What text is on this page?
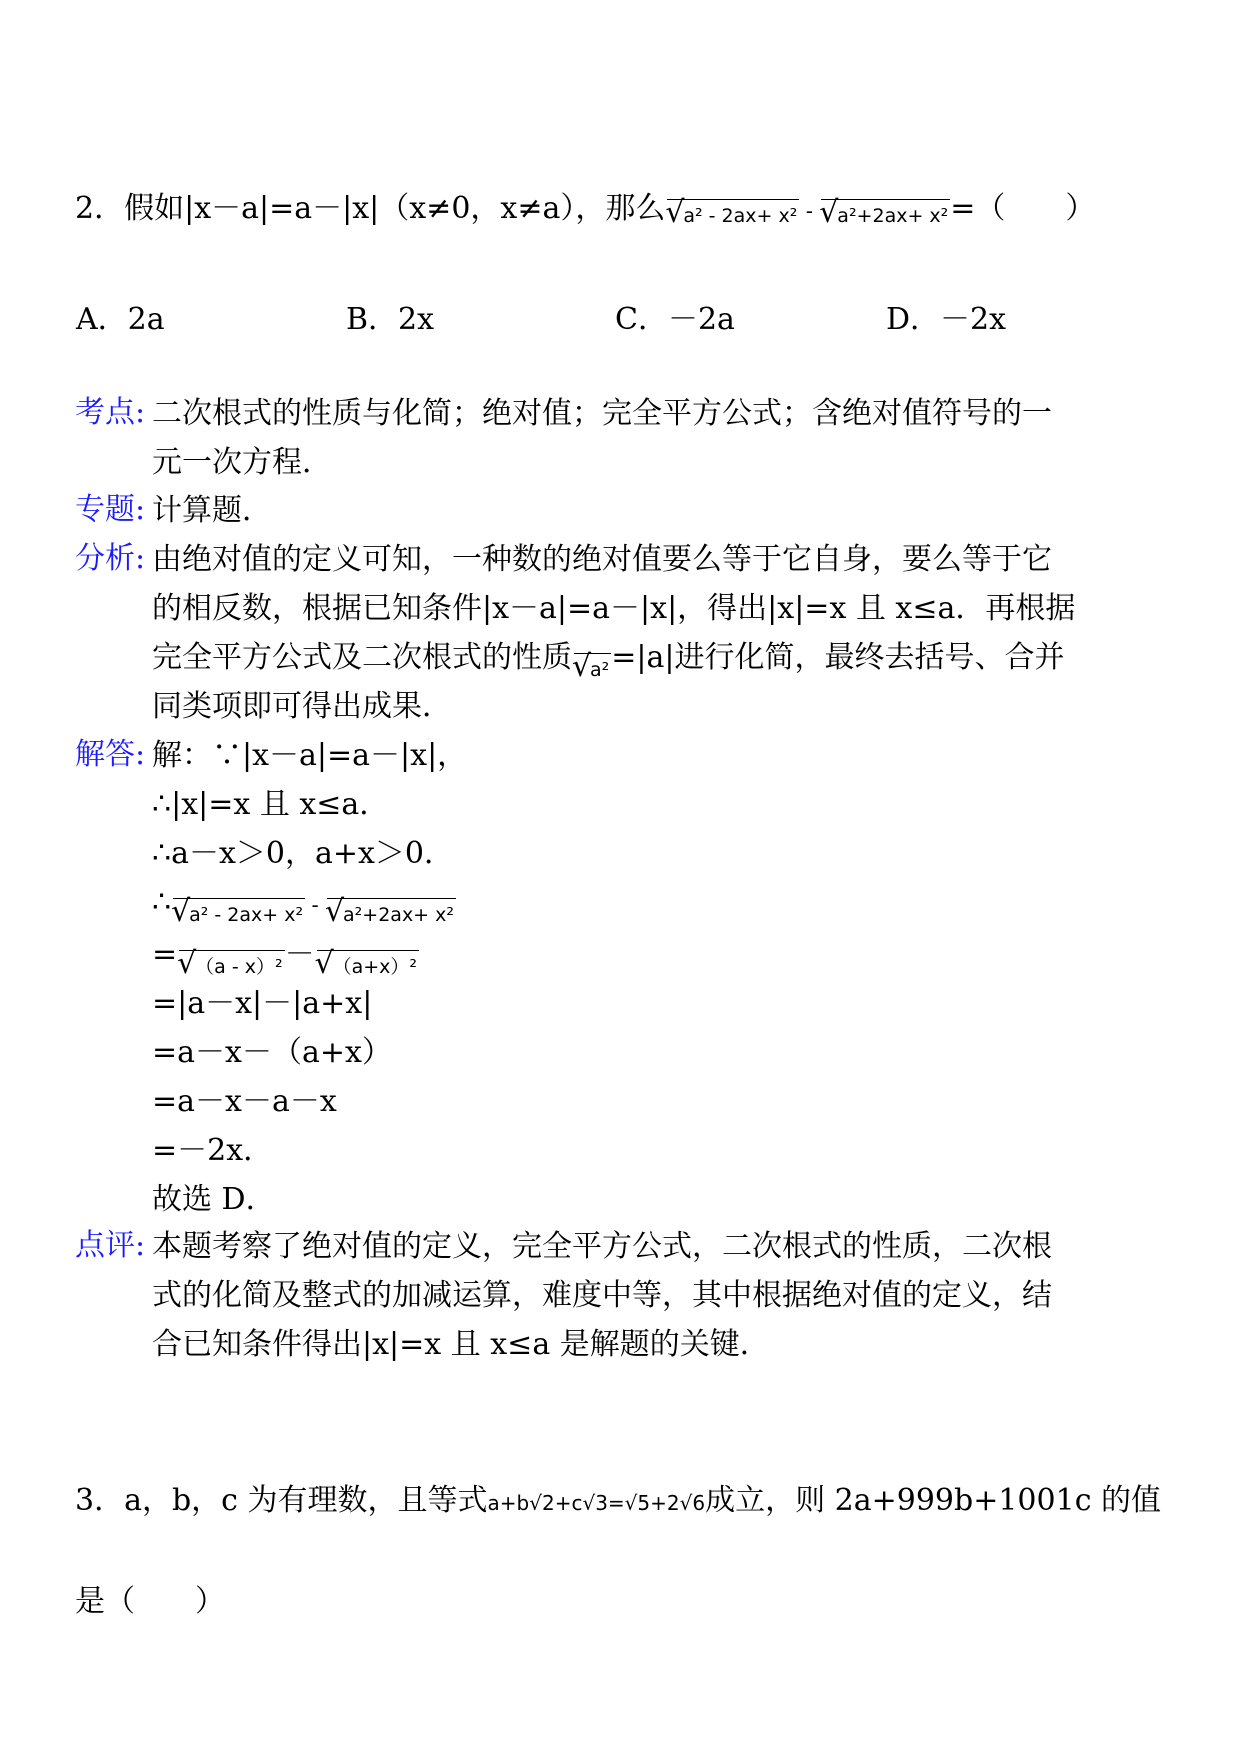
2．假如|x－a|=a－|x|（x≠0，x≠a），那么 √
a² - 2ax+ x² - √
a²+2ax+ x²=（　　）
A．2a	B．2x	C．－2a	D．－2x
考点: 二次根式的性质与化简；绝对值；完全平方公式；含绝对值符号的一
元一次方程．
专题: 计算题．
分析: 由绝对值的定义可知，一种数的绝对值要么等于它自身，要么等于它
的相反数，根据已知条件|x－a|=a－|x|，得出|x|=x 且 x≤a．再根据
完全平方公式及二次根式的性质 √
a²=|a|进行化简，最终去括号、合并
同类项即可得出成果．
解答: 解：∵|x－a|=a－|x|，
∴|x|=x 且 x≤a．
∴a－x＞0，a+x＞0．
∴ √
a² - 2ax+ x² - √
a²+2ax+ x²
= √
（a - x）²－ √
（a+x）²
=|a－x|－|a+x|
=a－x－（a+x）
=a－x－a－x
=－2x．
故选 D．
点评: 本题考察了绝对值的定义，完全平方公式，二次根式的性质，二次根
式的化简及整式的加减运算，难度中等，其中根据绝对值的定义，结
合已知条件得出|x|=x 且 x≤a 是解题的关键．
3．a，b，c 为有理数，且等式a+b√2+c√3=√5+2√6成立，则 2a+999b+1001c 的值
是（　　）
